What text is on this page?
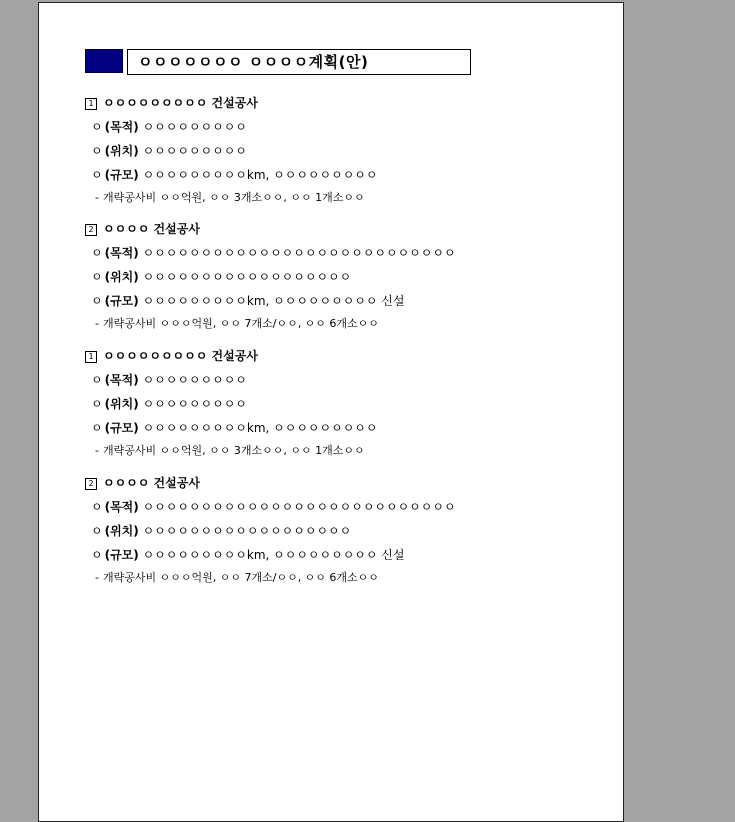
ㅇㅇㅇㅇㅇㅇㅇ ㅇㅇㅇㅇ계획(안)
1 ㅇㅇㅇㅇㅇㅇㅇㅇㅇ 건설공사
ㅇ (목적) ㅇㅇㅇㅇㅇㅇㅇㅇㅇ
ㅇ (위치) ㅇㅇㅇㅇㅇㅇㅇㅇㅇ
ㅇ (규모) ㅇㅇㅇㅇㅇㅇㅇㅇㅇkm, ㅇㅇㅇㅇㅇㅇㅇㅇㅇ
- 개략공사비 ㅇㅇ억원, ㅇㅇ 3개소ㅇㅇ, ㅇㅇ 1개소ㅇㅇ
2 ㅇㅇㅇㅇ 건설공사
ㅇ (목적) ㅇㅇㅇㅇㅇㅇㅇㅇㅇㅇㅇㅇㅇㅇㅇㅇㅇㅇㅇㅇㅇㅇㅇㅇㅇㅇㅇ
ㅇ (위치) ㅇㅇㅇㅇㅇㅇㅇㅇㅇㅇㅇㅇㅇㅇㅇㅇㅇㅇ
ㅇ (규모) ㅇㅇㅇㅇㅇㅇㅇㅇㅇkm, ㅇㅇㅇㅇㅇㅇㅇㅇㅇ 신설
- 개략공사비 ㅇㅇㅇ억원, ㅇㅇ 7개소/ㅇㅇ, ㅇㅇ 6개소ㅇㅇ
1 ㅇㅇㅇㅇㅇㅇㅇㅇㅇ 건설공사
ㅇ (목적) ㅇㅇㅇㅇㅇㅇㅇㅇㅇ
ㅇ (위치) ㅇㅇㅇㅇㅇㅇㅇㅇㅇ
ㅇ (규모) ㅇㅇㅇㅇㅇㅇㅇㅇㅇkm, ㅇㅇㅇㅇㅇㅇㅇㅇㅇ
- 개략공사비 ㅇㅇ억원, ㅇㅇ 3개소ㅇㅇ, ㅇㅇ 1개소ㅇㅇ
2 ㅇㅇㅇㅇ 건설공사
ㅇ (목적) ㅇㅇㅇㅇㅇㅇㅇㅇㅇㅇㅇㅇㅇㅇㅇㅇㅇㅇㅇㅇㅇㅇㅇㅇㅇㅇㅇ
ㅇ (위치) ㅇㅇㅇㅇㅇㅇㅇㅇㅇㅇㅇㅇㅇㅇㅇㅇㅇㅇ
ㅇ (규모) ㅇㅇㅇㅇㅇㅇㅇㅇㅇkm, ㅇㅇㅇㅇㅇㅇㅇㅇㅇ 신설
- 개략공사비 ㅇㅇㅇ억원, ㅇㅇ 7개소/ㅇㅇ, ㅇㅇ 6개소ㅇㅇ
